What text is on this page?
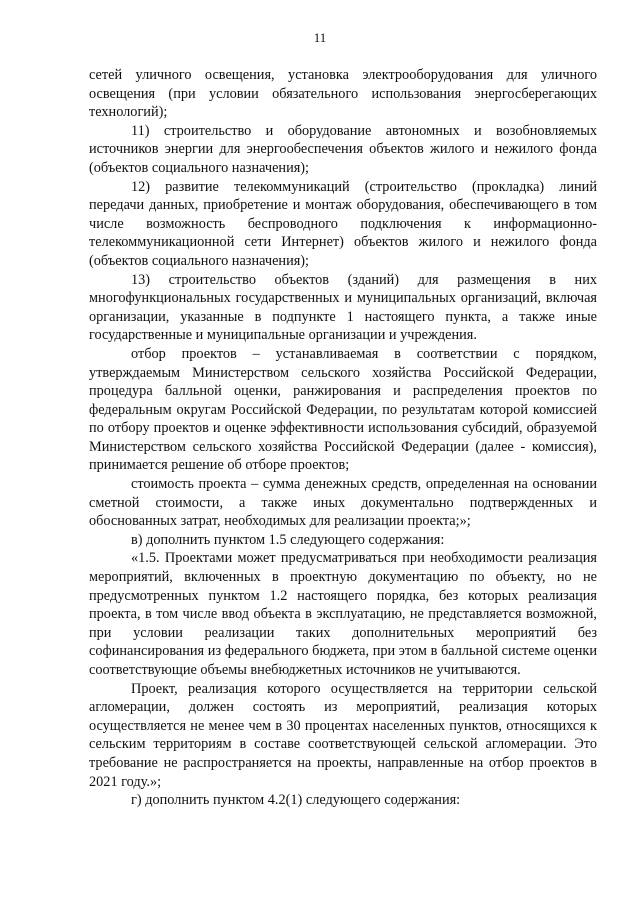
11

сетей уличного освещения, установка электрооборудования для уличного освещения (при условии обязательного использования энергосберегающих технологий);

11) строительство и оборудование автономных и возобновляемых источников энергии для энергообеспечения объектов жилого и нежилого фонда (объектов социального назначения);

12) развитие телекоммуникаций (строительство (прокладка) линий передачи данных, приобретение и монтаж оборудования, обеспечивающего в том числе возможность беспроводного подключения к информационно-телекоммуникационной сети Интернет) объектов жилого и нежилого фонда (объектов социального назначения);

13) строительство объектов (зданий) для размещения в них многофункциональных государственных и муниципальных организаций, включая организации, указанные в подпункте 1 настоящего пункта, а также иные государственные и муниципальные организации и учреждения.

отбор проектов – устанавливаемая в соответствии с порядком, утверждаемым Министерством сельского хозяйства Российской Федерации, процедура балльной оценки, ранжирования и распределения проектов по федеральным округам Российской Федерации, по результатам которой комиссией по отбору проектов и оценке эффективности использования субсидий, образуемой Министерством сельского хозяйства Российской Федерации (далее - комиссия), принимается решение об отборе проектов;

стоимость проекта – сумма денежных средств, определенная на основании сметной стоимости, а также иных документально подтвержденных и обоснованных затрат, необходимых для реализации проекта;»;

в) дополнить пунктом 1.5 следующего содержания:

«1.5. Проектами может предусматриваться при необходимости реализация мероприятий, включенных в проектную документацию по объекту, но не предусмотренных пунктом 1.2 настоящего порядка, без которых реализация проекта, в том числе ввод объекта в эксплуатацию, не представляется возможной, при условии реализации таких дополнительных мероприятий без софинансирования из федерального бюджета, при этом в балльной системе оценки соответствующие объемы внебюджетных источников не учитываются.

Проект, реализация которого осуществляется на территории сельской агломерации, должен состоять из мероприятий, реализация которых осуществляется не менее чем в 30 процентах населенных пунктов, относящихся к сельским территориям в составе соответствующей сельской агломерации. Это требование не распространяется на проекты, направленные на отбор проектов в 2021 году.»;

г) дополнить пунктом 4.2(1) следующего содержания:
